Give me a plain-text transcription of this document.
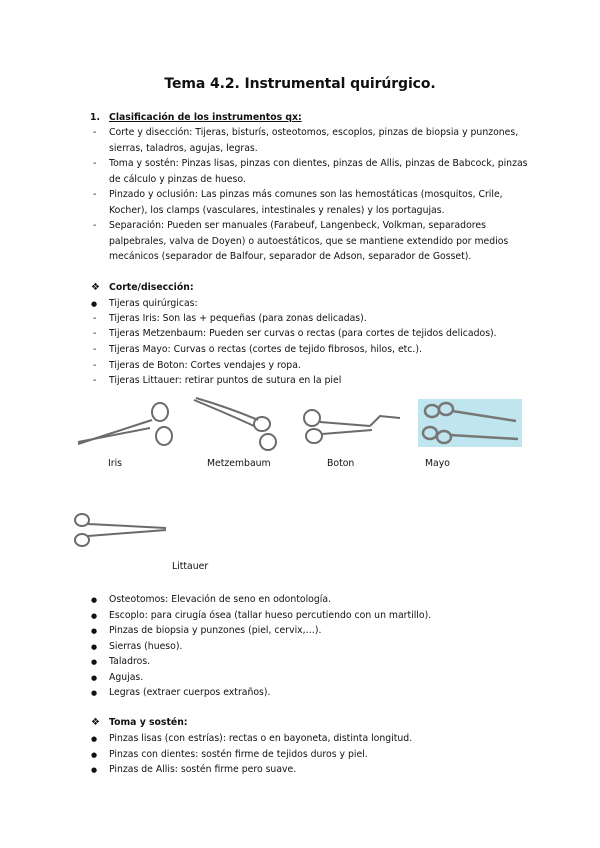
Tema 4.2. Instrumental quirúrgico.
1. Clasificación de los instrumentos qx:
- Corte y disección: Tijeras, bisturís, osteotomos, escoplos, pinzas de biopsia y punzones, sierras, taladros, agujas, legras.
- Toma y sostén: Pinzas lisas, pinzas con dientes, pinzas de Allis, pinzas de Babcock, pinzas de cálculo y pinzas de hueso.
- Pinzado y oclusión: Las pinzas más comunes son las hemostáticas (mosquitos, Crile, Kocher), los clamps (vasculares, intestinales y renales) y los portagujas.
- Separación: Pueden ser manuales (Farabeuf, Langenbeck, Volkman, separadores palpebrales, valva de Doyen) o autoestáticos, que se mantiene extendido por medios mecánicos (separador de Balfour, separador de Adson, separador de Gosset).
❖ Corte/disección:
● Tijeras quirúrgicas:
- Tijeras Iris: Son las + pequeñas (para zonas delicadas).
- Tijeras Metzenbaum: Pueden ser curvas o rectas (para cortes de tejidos delicados).
- Tijeras Mayo: Curvas o rectas (cortes de tejido fibrosos, hilos, etc.).
- Tijeras de Boton: Cortes vendajes y ropa.
- Tijeras Littauer: retirar puntos de sutura en la piel
Iris	Metzembaum	Boton	Mayo
Littauer
● Osteotomos: Elevación de seno en odontología.
● Escoplo: para cirugía ósea (tallar hueso percutiendo con un martillo).
● Pinzas de biopsia y punzones (piel, cervix,…).
● Sierras (hueso).
● Taladros.
● Agujas.
● Legras (extraer cuerpos extraños).
❖ Toma y sostén:
● Pinzas lisas (con estrías): rectas o en bayoneta, distinta longitud.
● Pinzas con dientes: sostén firme de tejidos duros y piel.
● Pinzas de Allis: sostén firme pero suave.
